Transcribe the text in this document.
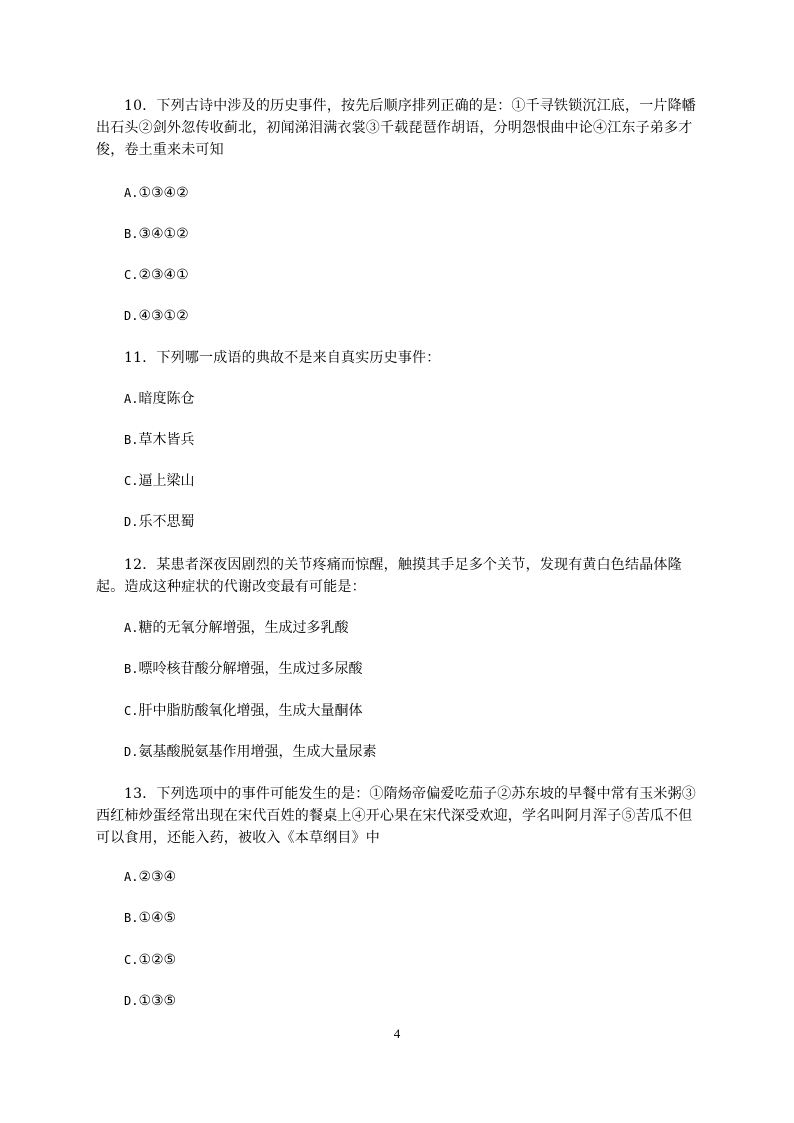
10．下列古诗中涉及的历史事件，按先后顺序排列正确的是：①千寻铁锁沉江底，一片降幡出石头②剑外忽传收蓟北，初闻涕泪满衣裳③千载琵琶作胡语，分明怨恨曲中论④江东子弟多才俊，卷土重来未可知

A.①③④②

B.③④①②

C.②③④①

D.④③①②

11．下列哪一成语的典故不是来自真实历史事件：

A.暗度陈仓

B.草木皆兵

C.逼上梁山

D.乐不思蜀

12．某患者深夜因剧烈的关节疼痛而惊醒，触摸其手足多个关节，发现有黄白色结晶体隆起。造成这种症状的代谢改变最有可能是：

A.糖的无氧分解增强，生成过多乳酸

B.嘌呤核苷酸分解增强，生成过多尿酸

C.肝中脂肪酸氧化增强，生成大量酮体

D.氨基酸脱氨基作用增强，生成大量尿素

13．下列选项中的事件可能发生的是：①隋炀帝偏爱吃茄子②苏东坡的早餐中常有玉米粥③西红柿炒蛋经常出现在宋代百姓的餐桌上④开心果在宋代深受欢迎，学名叫阿月浑子⑤苦瓜不但可以食用，还能入药，被收入《本草纲目》中

A.②③④

B.①④⑤

C.①②⑤

D.①③⑤

4
